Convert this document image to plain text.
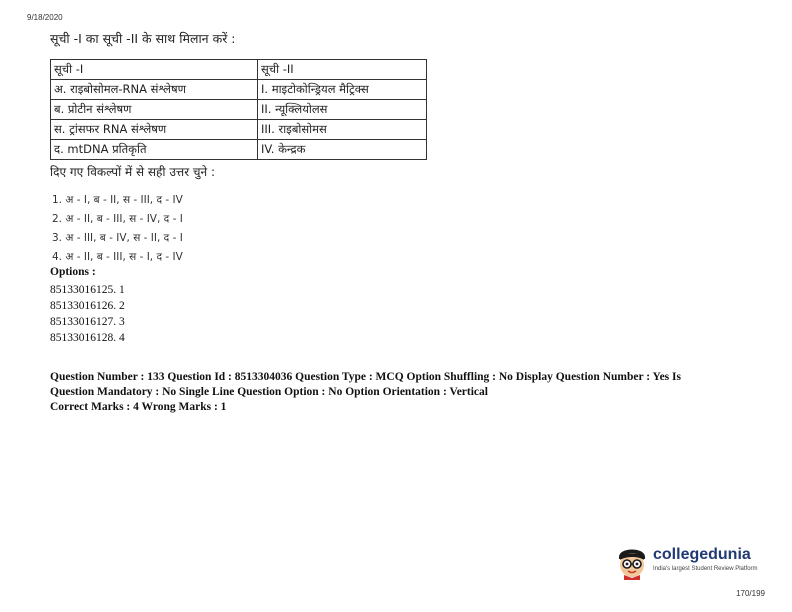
9/18/2020
सूची -I का सूची -II के साथ मिलान करें :
सूची -I	सूची -II
अ. राइबोसोमल-RNA संश्लेषण	I. माइटोकोन्ड्रियल मैट्रिक्स
ब. प्रोटीन संश्लेषण	II. न्यूक्लियोलस
स. ट्रांसफर RNA संश्लेषण	III. राइबोसोमस
द. mtDNA प्रतिकृति	IV. केन्द्रक
दिए गए विकल्पों में से सही उत्तर चुने :
1. अ - I, ब - II, स - III, द - IV
2. अ - II, ब - III, स - IV, द - I
3. अ - III, ब - IV, स - II, द - I
4. अ - II, ब - III, स - I, द - IV
Options :
85133016125. 1
85133016126. 2
85133016127. 3
85133016128. 4
Question Number : 133 Question Id : 8513304036 Question Type : MCQ Option Shuffling : No Display Question Number : Yes Is
Question Mandatory : No Single Line Question Option : No Option Orientation : Vertical
Correct Marks : 4 Wrong Marks : 1
collegedunia
India's largest Student Review Platform
170/199
